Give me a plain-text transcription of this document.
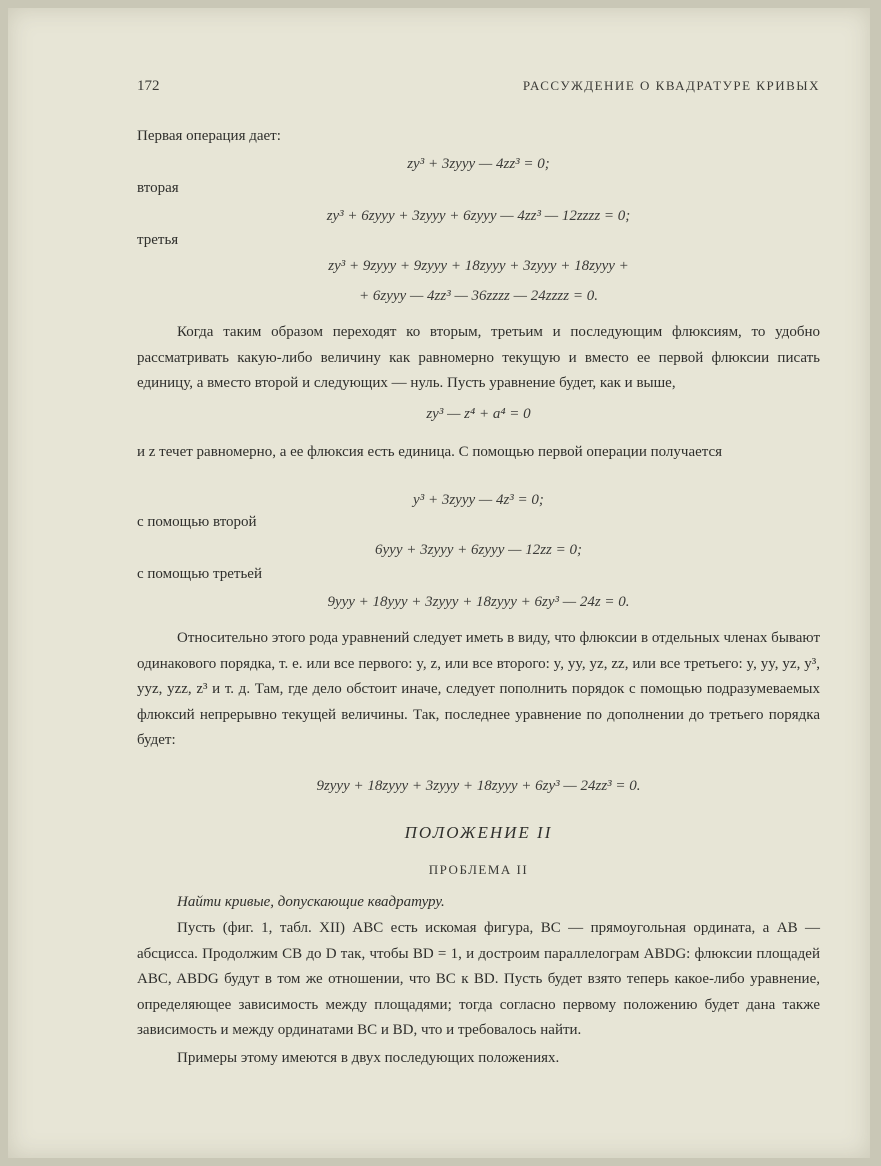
172	РАССУЖДЕНИЕ О КВАДРАТУРЕ КРИВЫХ
Первая операция дает:
zy³ + 3zyyy — 4zz³ = 0;
вторая
zy³ + 6zyyy + 3zyyy + 6zyyy — 4zz³ — 12zzzz = 0;
третья
zy³ + 9zyyy + 9zyyy + 18zyyy + 3zyyy + 18zyyy +
+ 6zyyy — 4zz³ — 36zzzz — 24zzzz = 0.
Когда таким образом переходят ко вторым, третьим и последующим флюксиям, то удобно рассматривать какую-либо величину как равномерно текущую и вместо ее первой флюксии писать единицу, а вместо второй и следующих — нуль. Пусть уравнение будет, как и выше,
zy³ — z⁴ + a⁴ = 0
и z течет равномерно, а ее флюксия есть единица. С помощью первой операции получается
y³ + 3zyyy — 4z³ = 0;
с помощью второй
6yyy + 3zyyy + 6zyyy — 12zz = 0;
с помощью третьей
9yyy + 18yyy + 3zyyy + 18zyyy + 6zy³ — 24z = 0.
Относительно этого рода уравнений следует иметь в виду, что флюксии в отдельных членах бывают одинакового порядка, т. е. или все первого: y, z, или все второго: y, yy, yz, zz, или все третьего: y, yy, yz, y³, yyz, yzz, z³ и т. д. Там, где дело обстоит иначе, следует пополнить порядок с помощью подразумеваемых флюксий непрерывно текущей величины. Так, последнее уравнение по дополнении до третьего порядка будет:
9zyyy + 18zyyy + 3zyyy + 18zyyy + 6zy³ — 24zz³ = 0.
ПОЛОЖЕНИЕ II
ПРОБЛЕМА II
Найти кривые, допускающие квадратуру.
Пусть (фиг. 1, табл. XII) ABC есть искомая фигура, BC — прямоугольная ордината, а AB — абсцисса. Продолжим CB до D так, чтобы BD = 1, и достроим параллелограм ABDG: флюксии площадей ABC, ABDG будут в том же отношении, что BC к BD. Пусть будет взято теперь какое-либо уравнение, определяющее зависимость между площадями; тогда согласно первому положению будет дана также зависимость и между ординатами BC и BD, что и требовалось найти.
Примеры этому имеются в двух последующих положениях.
